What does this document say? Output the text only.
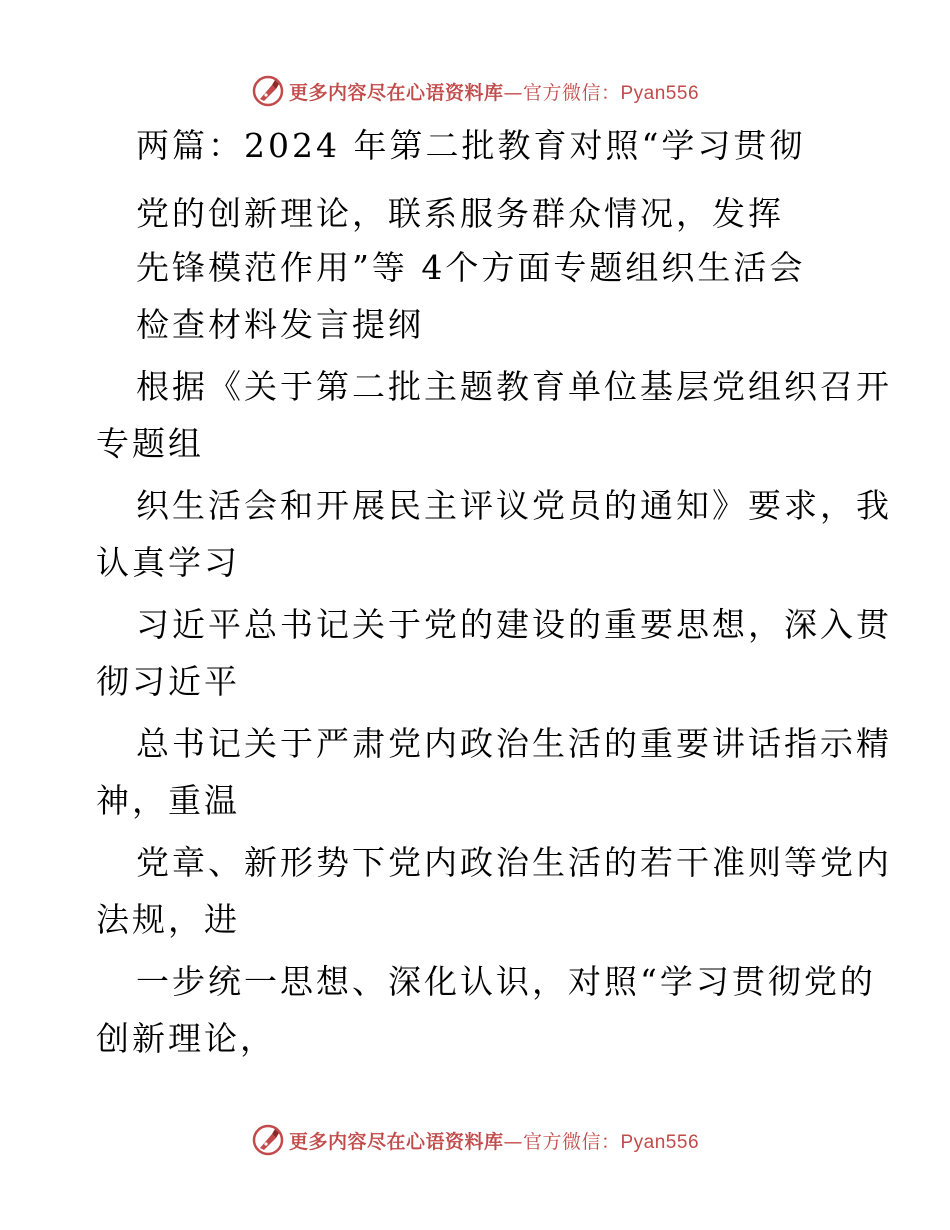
更多内容尽在心语资料库—官方微信：Pyan556
两篇：2024 年第二批教育对照“学习贯彻
党的创新理论，联系服务群众情况，发挥
先锋模范作用”等 4个方面专题组织生活会
检查材料发言提纲
根据《关于第二批主题教育单位基层党组织召开
专题组
织生活会和开展民主评议党员的通知》要求，我
认真学习
习近平总书记关于党的建设的重要思想，深入贯
彻习近平
总书记关于严肃党内政治生活的重要讲话指示精
神，重温
党章、新形势下党内政治生活的若干准则等党内
法规，进
一步统一思想、深化认识，对照“学习贯彻党的
创新理论，
更多内容尽在心语资料库—官方微信：Pyan556
